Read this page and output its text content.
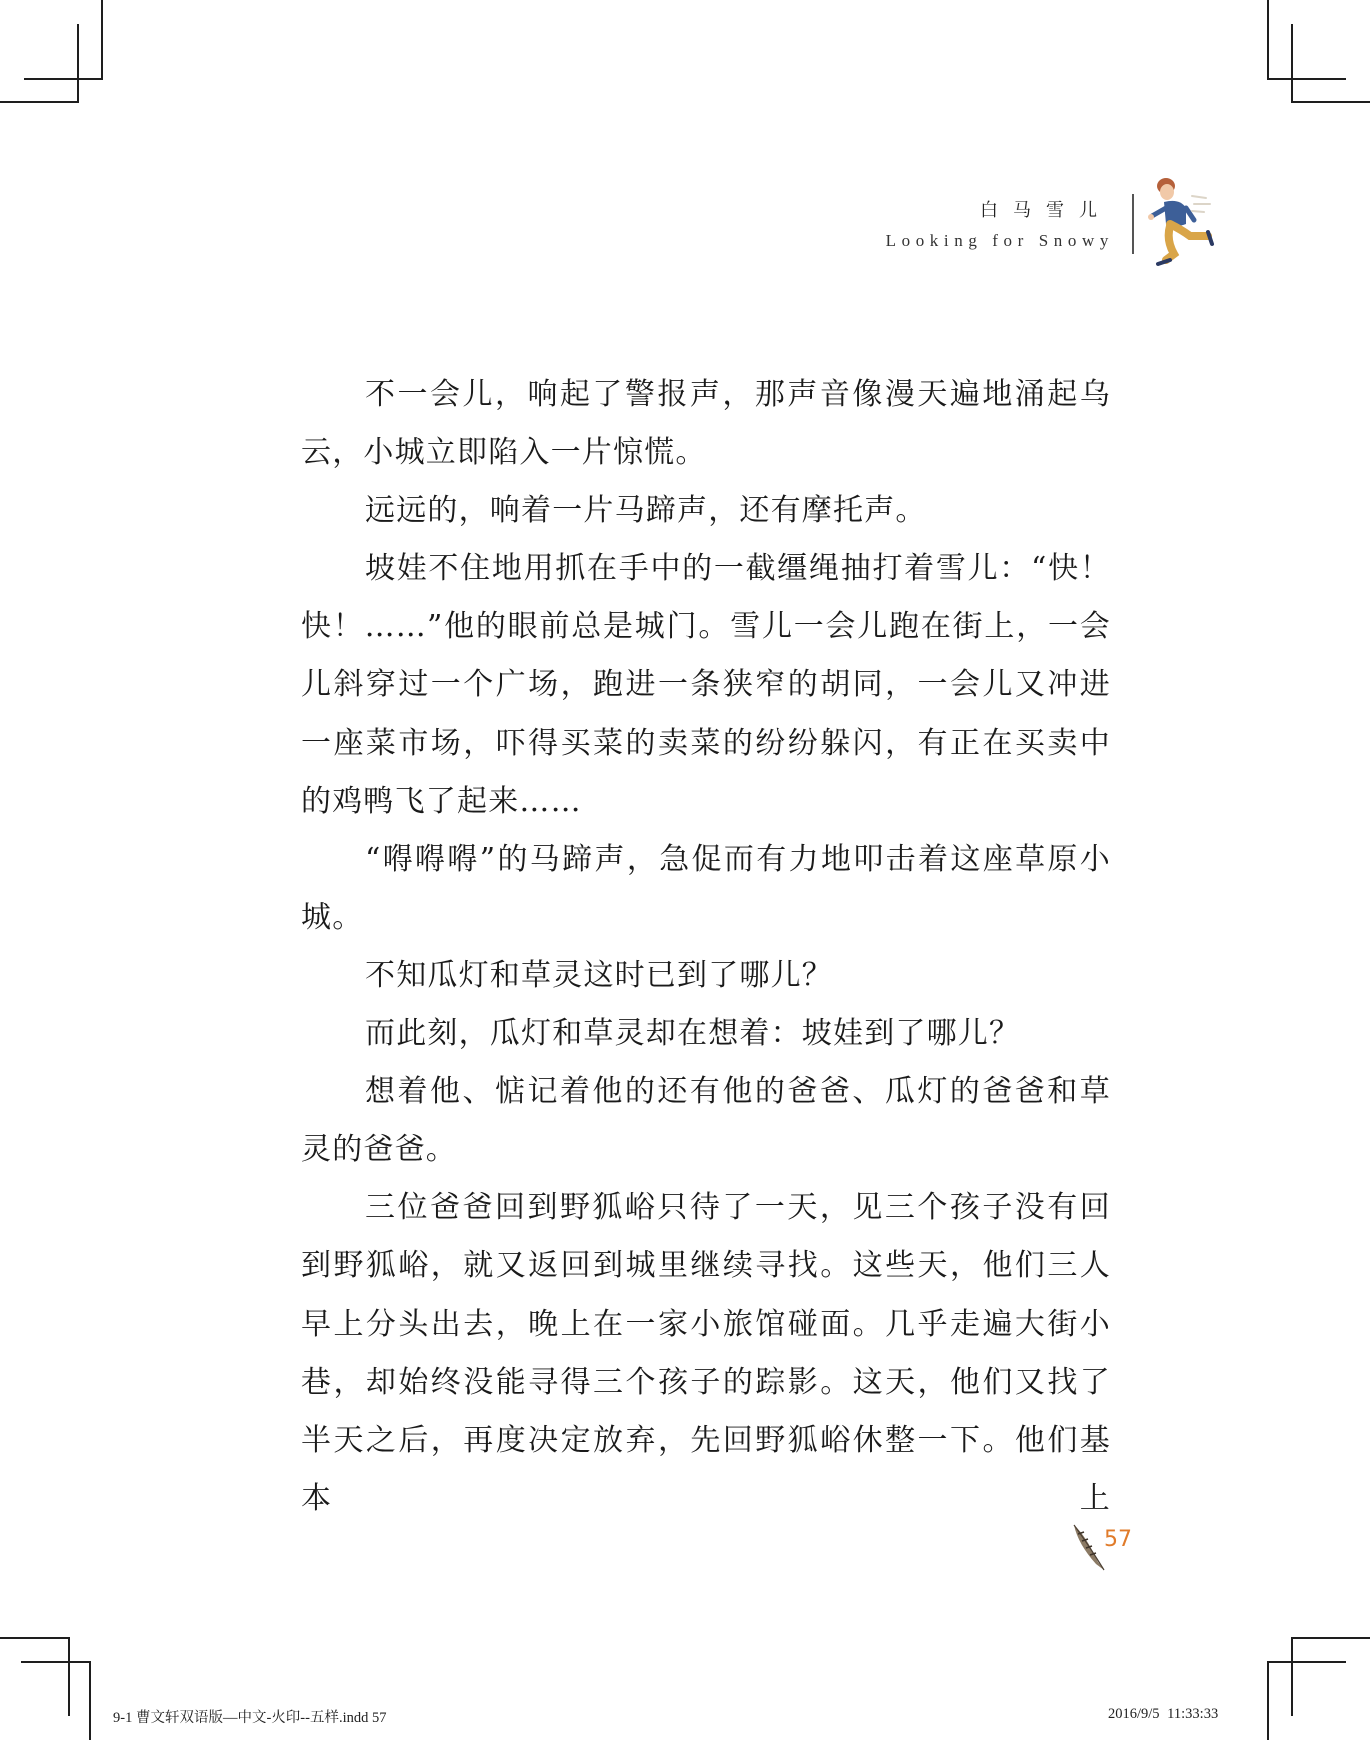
白马雪儿
Looking for Snowy

不一会儿，响起了警报声，那声音像漫天遍地涌起乌云，小城立即陷入一片惊慌。

远远的，响着一片马蹄声，还有摩托声。

坡娃不住地用抓在手中的一截缰绳抽打着雪儿：“快！快！……”他的眼前总是城门。雪儿一会儿跑在街上，一会儿斜穿过一个广场，跑进一条狭窄的胡同，一会儿又冲进一座菜市场，吓得买菜的卖菜的纷纷躲闪，有正在买卖中的鸡鸭飞了起来……

“嘚嘚嘚”的马蹄声，急促而有力地叩击着这座草原小城。

不知瓜灯和草灵这时已到了哪儿？

而此刻，瓜灯和草灵却在想着：坡娃到了哪儿？

想着他、惦记着他的还有他的爸爸、瓜灯的爸爸和草灵的爸爸。

三位爸爸回到野狐峪只待了一天，见三个孩子没有回到野狐峪，就又返回到城里继续寻找。这些天，他们三人早上分头出去，晚上在一家小旅馆碰面。几乎走遍大街小巷，却始终没能寻得三个孩子的踪影。这天，他们又找了半天之后，再度决定放弃，先回野狐峪休整一下。他们基本上

57
9-1 曹文轩双语版—中文-火印--五样.indd 57	2016/9/5 11:33:33
